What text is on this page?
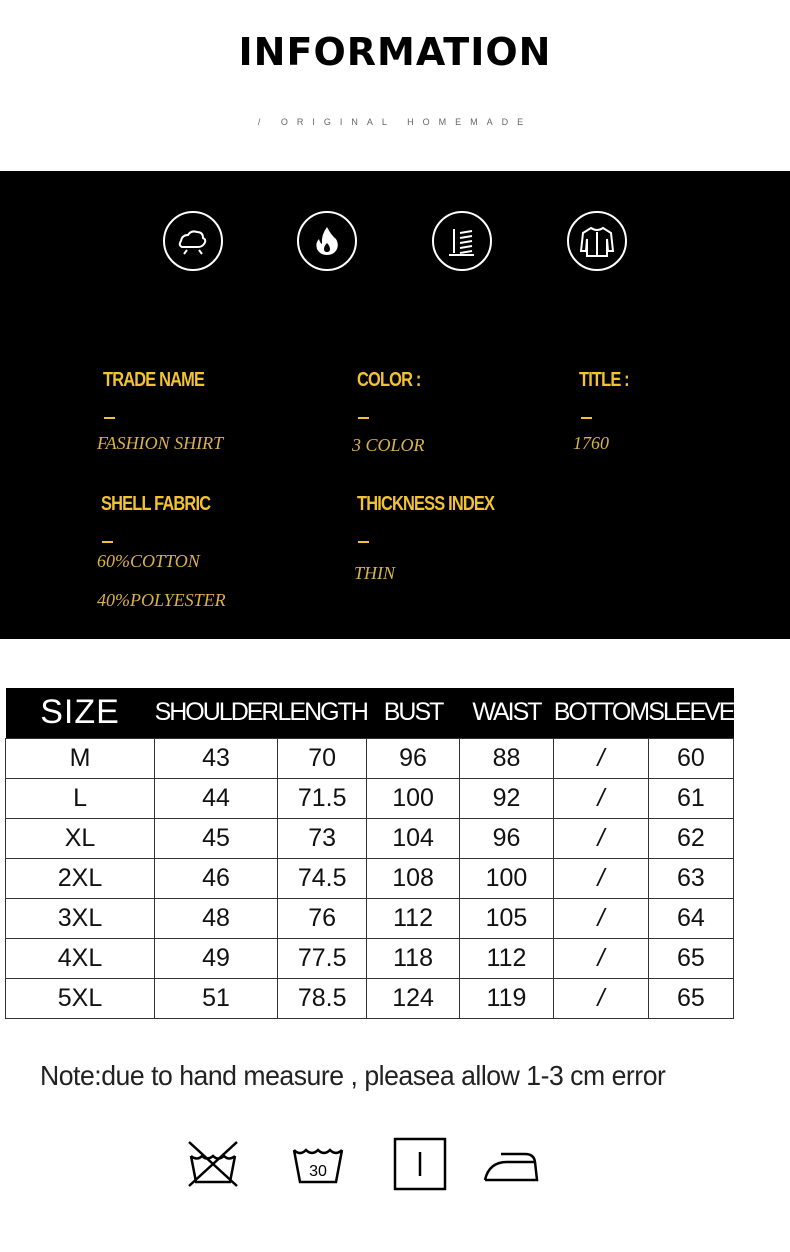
INFORMATION
/ ORIGINAL HOMEMADE
TRADE NAME
FASHION SHIRT
COLOR :
3 COLOR
TITLE :
1760
SHELL FABRIC
60%COTTON
40%POLYESTER
THICKNESS INDEX
THIN
SIZE	SHOULDER	LENGTH	BUST	WAIST	BOTTOM	SLEEVE
M	43	70	96	88	/	60
L	44	71.5	100	92	/	61
XL	45	73	104	96	/	62
2XL	46	74.5	108	100	/	63
3XL	48	76	112	105	/	64
4XL	49	77.5	118	112	/	65
5XL	51	78.5	124	119	/	65
Note:due to hand measure , pleasea allow 1-3 cm error
30
